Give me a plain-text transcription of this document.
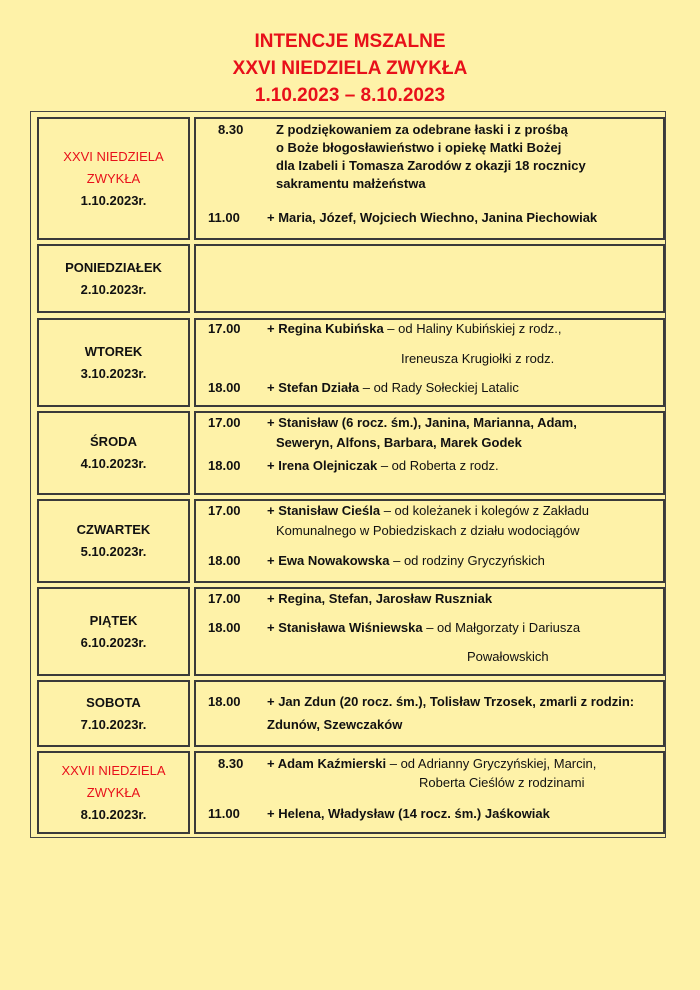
INTENCJE MSZALNE
XXVI NIEDZIELA ZWYKŁA
1.10.2023 – 8.10.2023
XXVI NIEDZIELA
ZWYKŁA
1.10.2023r.
8.30	Z podziękowaniem za odebrane łaski i z prośbą
o Boże błogosławieństwo i opiekę Matki Bożej
dla Izabeli i Tomasza Zarodów z okazji 18 rocznicy
sakramentu małżeństwa
11.00 + Maria, Józef, Wojciech Wiechno, Janina Piechowiak
PONIEDZIAŁEK
2.10.2023r.
WTOREK
3.10.2023r.
17.00 + Regina Kubińska – od Haliny Kubińskiej z rodz.,
Ireneusza Krugiołki z rodz.
18.00 + Stefan Działa – od Rady Sołeckiej Latalic
ŚRODA
4.10.2023r.
17.00 + Stanisław (6 rocz. śm.), Janina, Marianna, Adam,
Seweryn, Alfons, Barbara, Marek Godek
18.00 + Irena Olejniczak – od Roberta z rodz.
CZWARTEK
5.10.2023r.
17.00 + Stanisław Cieśla – od koleżanek i kolegów z Zakładu
Komunalnego w Pobiedziskach z działu wodociągów
18.00 + Ewa Nowakowska – od rodziny Gryczyńskich
PIĄTEK
6.10.2023r.
17.00 + Regina, Stefan, Jarosław Ruszniak
18.00 + Stanisława Wiśniewska – od Małgorzaty i Dariusza
Powałowskich
SOBOTA
7.10.2023r.
18.00 + Jan Zdun (20 rocz. śm.), Tolisław Trzosek, zmarli z rodzin:
Zdunów, Szewczaków
XXVII NIEDZIELA
ZWYKŁA
8.10.2023r.
8.30 + Adam Kaźmierski – od Adrianny Gryczyńskiej, Marcin,
Roberta Cieślów z rodzinami
11.00 + Helena, Władysław (14 rocz. śm.) Jaśkowiak
